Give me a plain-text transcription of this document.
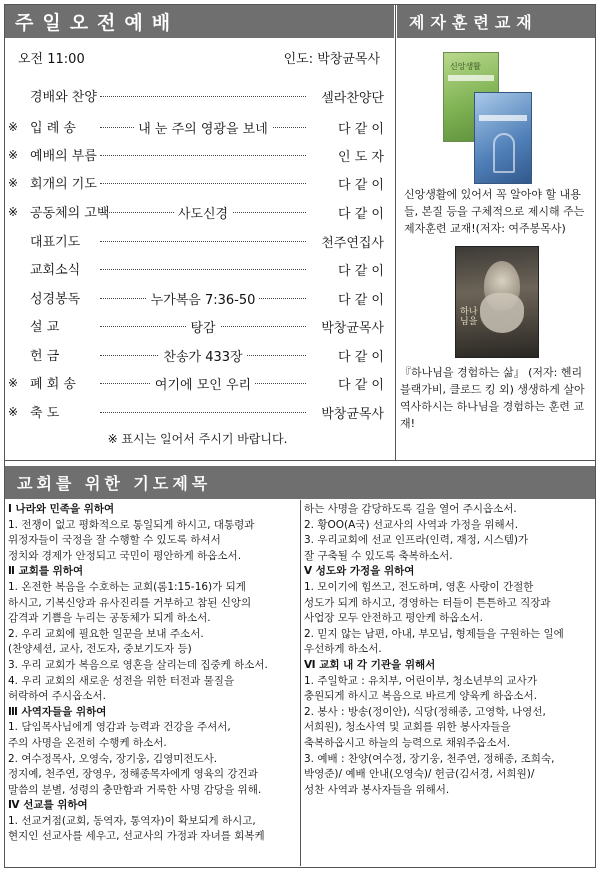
주일오전예배	제자훈련교재
오전 11:00	인도: 박창균목사
경배와 찬양	셀라찬양단
※ 입 례 송	내 눈 주의 영광을 보네	다 같 이
※ 예배의 부름	인 도 자
※ 회개의 기도	다 같 이
※ 공동체의 고백	사도신경	다 같 이
대표기도	천주연집사
교회소식	다 같 이
성경봉독	누가복음 7:36-50	다 같 이
설 교	탕감	박창균목사
헌 금	찬송가 433장	다 같 이
※ 폐 회 송	여기에 모인 우리	다 같 이
※ 축 도	박창균목사
※ 표시는 일어서 주시기 바랍니다.
신앙생활
신앙생활에 있어서 꼭 알아야 할 내용들, 본질 등을 구체적으로 제시해 주는 제자훈련 교재!(저자: 여주봉목사)
하나님을
『하나님을 경험하는 삶』 (저자: 헨리 블랙가비, 클로드 킹 외) 생생하게 살아 역사하시는 하나님을 경험하는 훈련 교재!
교회를 위한 기도제목
Ⅰ 나라와 민족을 위하여
1. 전쟁이 없고 평화적으로 통일되게 하시고, 대통령과
위정자들이 국정을 잘 수행할 수 있도록 하셔서
정치와 경제가 안정되고 국민이 평안하게 하옵소서.
Ⅱ 교회를 위하여
1. 온전한 복음을 수호하는 교회(롬1:15-16)가 되게
하시고, 기복신앙과 유사진리를 거부하고 참된 신앙의
감격과 기쁨을 누리는 공동체가 되게 하소서.
2. 우리 교회에 필요한 일꾼을 보내 주소서.
(찬양세션, 교사, 전도자, 중보기도자 등)
3. 우리 교회가 복음으로 영혼을 살리는데 집중케 하소서.
4. 우리 교회의 새로운 성전을 위한 터전과 물질을
허락하여 주시옵소서.
Ⅲ 사역자들을 위하여
1. 담임목사님에게 영감과 능력과 건강을 주셔서,
주의 사명을 온전히 수행케 하소서.
2. 여수정목사, 오영숙, 장기웅, 김영미전도사.
정지예, 천주연, 장영우, 정해종목자에게 영육의 강건과
말씀의 분별, 성령의 충만함과 거룩한 사명 감당을 위해.
Ⅳ 선교를 위하여
1. 선교거점(교회, 동역자, 통역자)이 확보되게 하시고,
현지인 선교사를 세우고, 선교사의 가정과 자녀를 회복케
하는 사명을 감당하도록 길을 열어 주시옵소서.
2. 황OO(A국) 선교사의 사역과 가정을 위해서.
3. 우리교회에 선교 인프라(인력, 재정, 시스템)가
잘 구축될 수 있도록 축복하소서.
Ⅴ 성도와 가정을 위하여
1. 모이기에 힘쓰고, 전도하며, 영혼 사랑이 간절한
성도가 되게 하시고, 경영하는 터들이 튼튼하고 직장과
사업장 모두 안전하고 평안케 하옵소서.
2. 믿지 않는 남편, 아내, 부모님, 형제들을 구원하는 일에
우선하게 하소서.
Ⅵ 교회 내 각 기관을 위해서
1. 주일학교 : 유치부, 어린이부, 청소년부의 교사가
충원되게 하시고 복음으로 바르게 양육케 하옵소서.
2. 봉사 : 방송(정이안), 식당(정해종, 고영학, 나영선,
서희원), 청소사역 및 교회를 위한 봉사자들을
축복하옵시고 하늘의 능력으로 채워주옵소서.
3. 예배 : 찬양(여수정, 장기웅, 천주연, 정해종, 조희숙,
박영준)/ 예배 안내(오영숙)/ 헌금(김서경, 서희원)/
성찬 사역과 봉사자들을 위해서.
